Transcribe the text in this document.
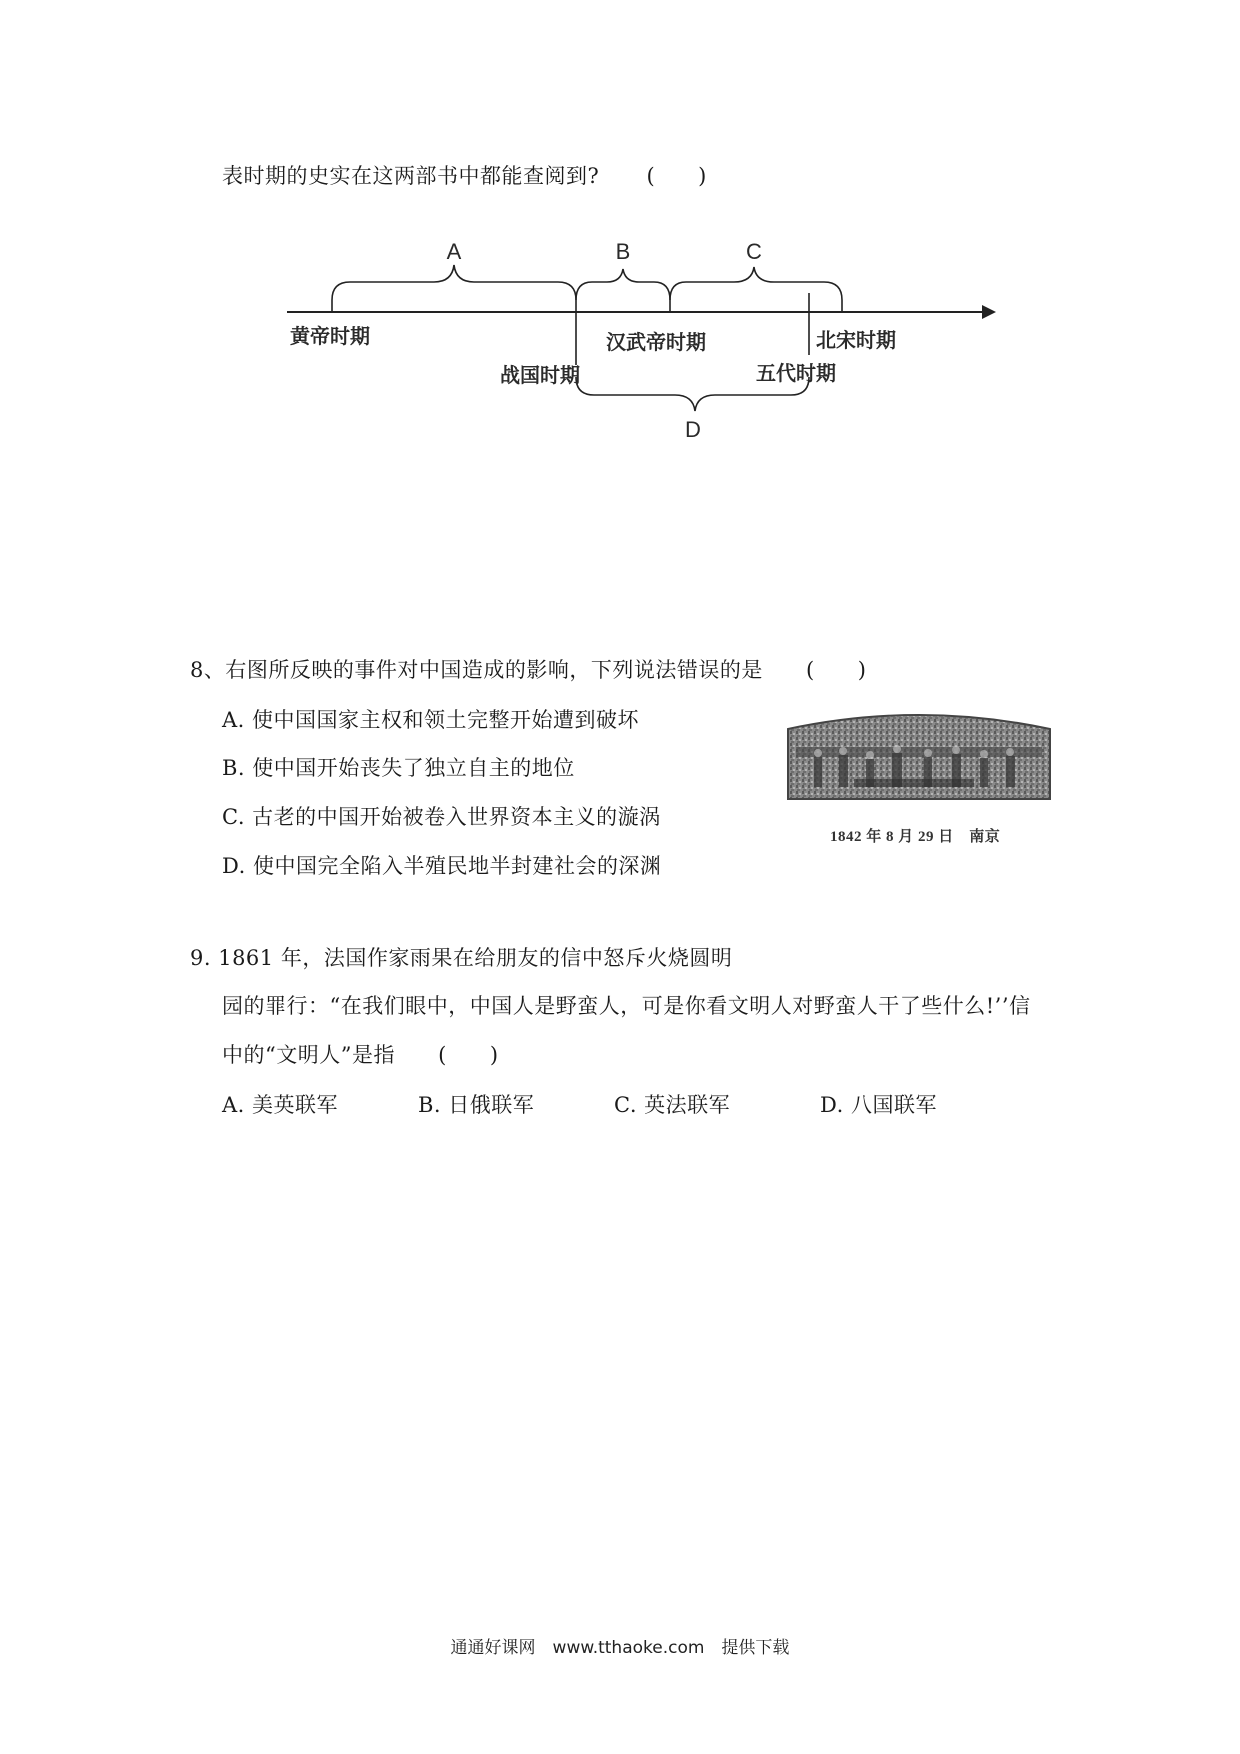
表时期的史实在这两部书中都能查阅到? (　　)
A	B	C
D
黄帝时期
战国时期
汉武帝时期
五代时期
北宋时期
8、右图所反映的事件对中国造成的影响，下列说法错误的是 (　　)
A. 使中国国家主权和领土完整开始遭到破坏
B. 使中国开始丧失了独立自主的地位
C. 古老的中国开始被卷入世界资本主义的漩涡
D. 使中国完全陷入半殖民地半封建社会的深渊
1842 年 8 月 29 日　南京
9. 1861 年，法国作家雨果在给朋友的信中怒斥火烧圆明
园的罪行：“在我们眼中，中国人是野蛮人，可是你看文明人对野蛮人干了些什么!’’信
中的“文明人”是指 (　　)
A. 美英联军	B. 日俄联军	C. 英法联军	D. 八国联军
通通好课网　www.tthaoke.com　提供下载
